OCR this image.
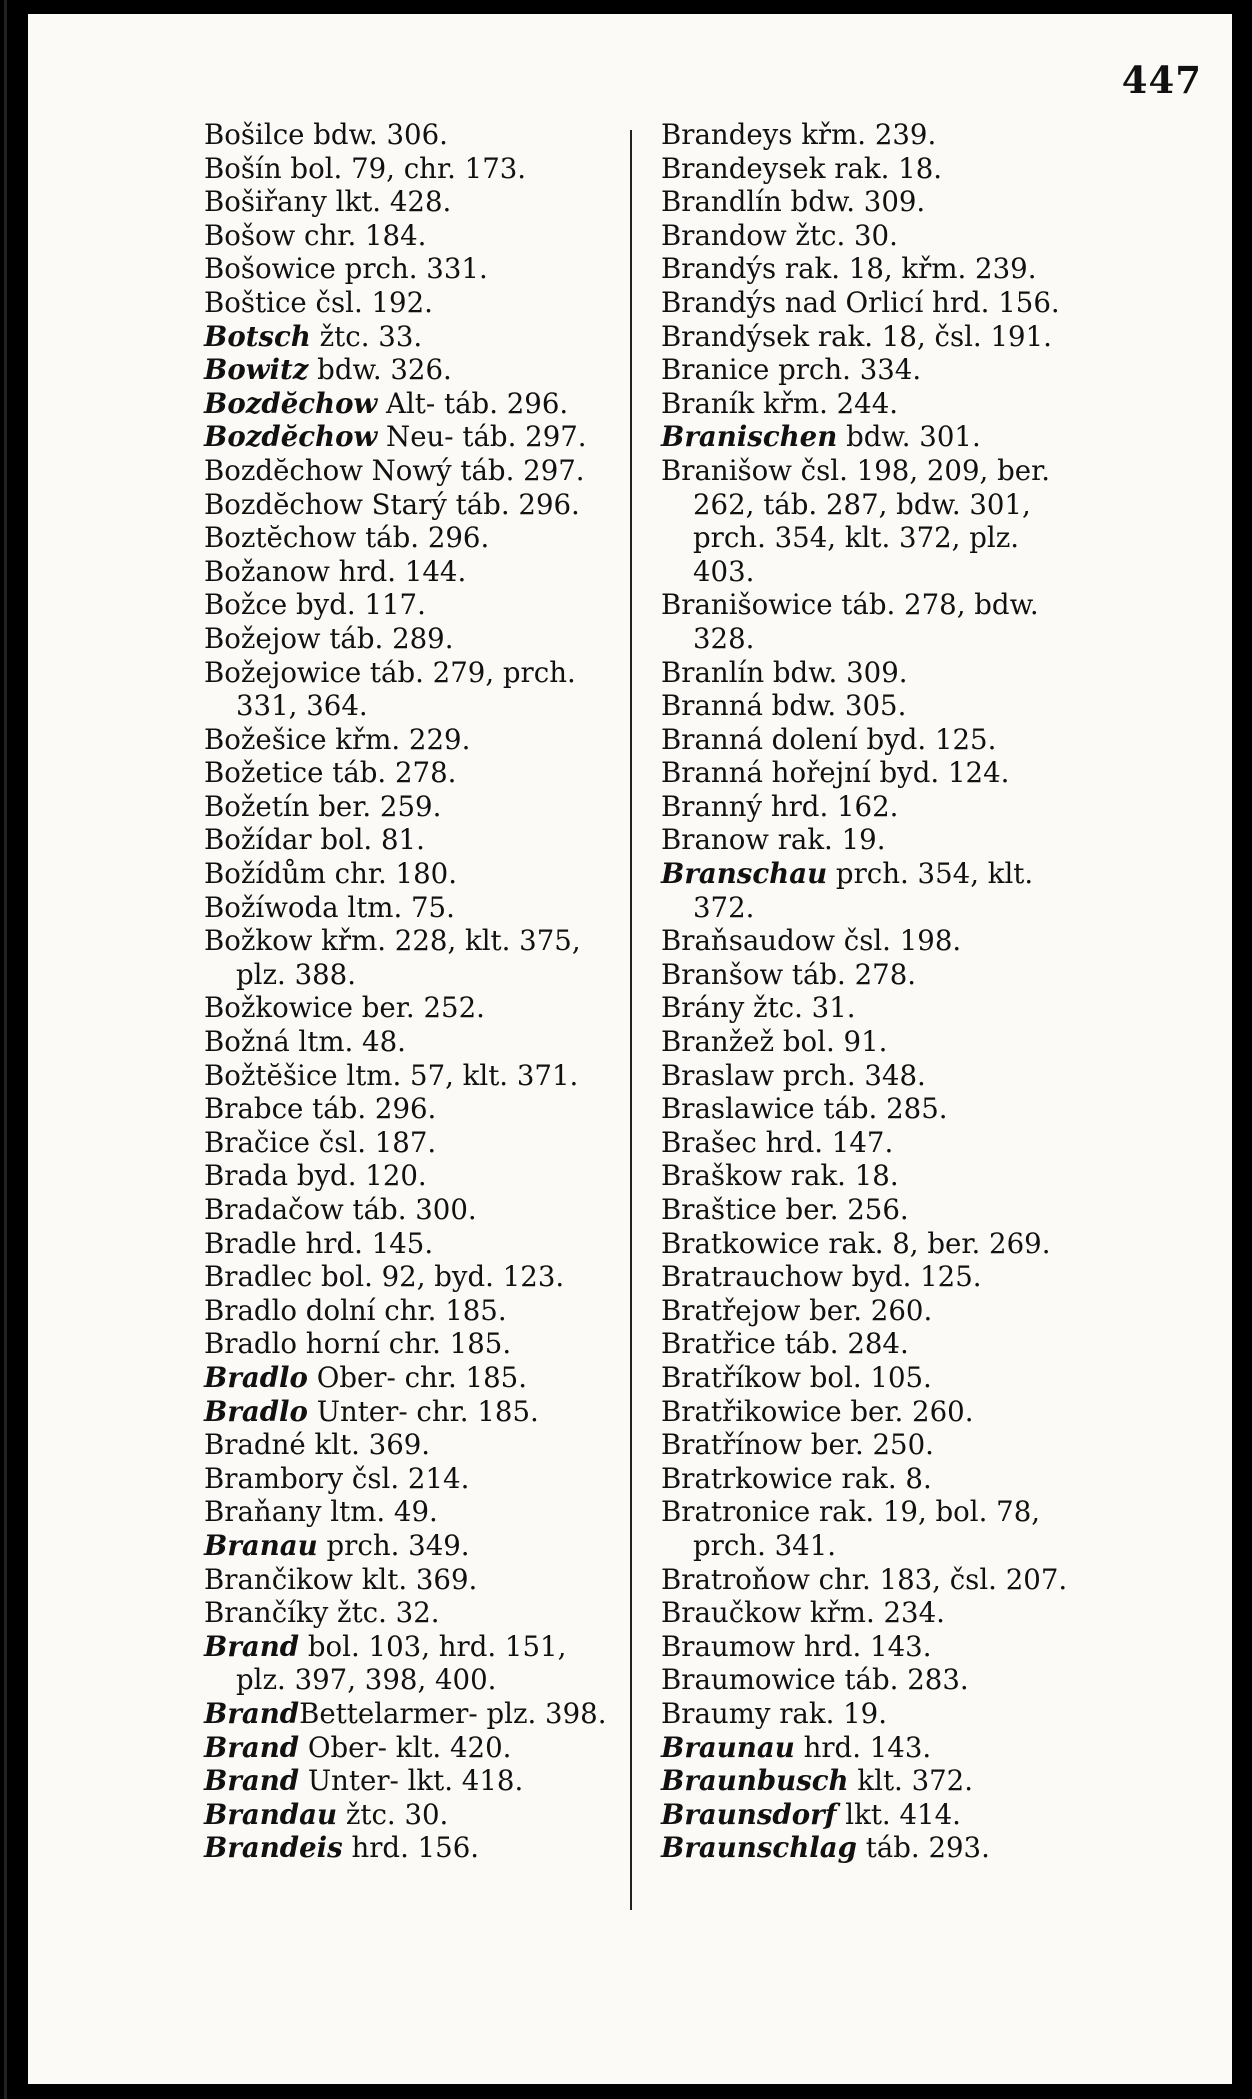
447
Bošilce bdw. 306.
Bošín bol. 79, chr. 173.
Bošiřany lkt. 428.
Bošow chr. 184.
Bošowice prch. 331.
Boštice čsl. 192.
Botsch žtc. 33.
Bowitz bdw. 326.
Bozdĕchow Alt- táb. 296.
Bozdĕchow Neu- táb. 297.
Bozdĕchow Nowý táb. 297.
Bozdĕchow Starý táb. 296.
Boztĕchow táb. 296.
Božanow hrd. 144.
Božce byd. 117.
Božejow táb. 289.
Božejowice táb. 279, prch.
331, 364.
Božešice křm. 229.
Božetice táb. 278.
Božetín ber. 259.
Božídar bol. 81.
Božídům chr. 180.
Božíwoda ltm. 75.
Božkow křm. 228, klt. 375,
plz. 388.
Božkowice ber. 252.
Božná ltm. 48.
Božtĕšice ltm. 57, klt. 371.
Brabce táb. 296.
Bračice čsl. 187.
Brada byd. 120.
Bradačow táb. 300.
Bradle hrd. 145.
Bradlec bol. 92, byd. 123.
Bradlo dolní chr. 185.
Bradlo horní chr. 185.
Bradlo Ober- chr. 185.
Bradlo Unter- chr. 185.
Bradné klt. 369.
Brambory čsl. 214.
Braňany ltm. 49.
Branau prch. 349.
Brančikow klt. 369.
Brančíky žtc. 32.
Brand bol. 103, hrd. 151,
plz. 397, 398, 400.
BrandBettelarmer- plz. 398.
Brand Ober- klt. 420.
Brand Unter- lkt. 418.
Brandau žtc. 30.
Brandeis hrd. 156.
Brandeys křm. 239.
Brandeysek rak. 18.
Brandlín bdw. 309.
Brandow žtc. 30.
Brandýs rak. 18, křm. 239.
Brandýs nad Orlicí hrd. 156.
Brandýsek rak. 18, čsl. 191.
Branice prch. 334.
Braník křm. 244.
Branischen bdw. 301.
Branišow čsl. 198, 209, ber.
262, táb. 287, bdw. 301,
prch. 354, klt. 372, plz.
403.
Branišowice táb. 278, bdw.
328.
Branlín bdw. 309.
Branná bdw. 305.
Branná dolení byd. 125.
Branná hořejní byd. 124.
Branný hrd. 162.
Branow rak. 19.
Branschau prch. 354, klt.
372.
Braňsaudow čsl. 198.
Branšow táb. 278.
Brány žtc. 31.
Branžež bol. 91.
Braslaw prch. 348.
Braslawice táb. 285.
Brašec hrd. 147.
Braškow rak. 18.
Braštice ber. 256.
Bratkowice rak. 8, ber. 269.
Bratrauchow byd. 125.
Bratřejow ber. 260.
Bratřice táb. 284.
Bratříkow bol. 105.
Bratřikowice ber. 260.
Bratřínow ber. 250.
Bratrkowice rak. 8.
Bratronice rak. 19, bol. 78,
prch. 341.
Bratroňow chr. 183, čsl. 207.
Braučkow křm. 234.
Braumow hrd. 143.
Braumowice táb. 283.
Braumy rak. 19.
Braunau hrd. 143.
Braunbusch klt. 372.
Braunsdorf lkt. 414.
Braunschlag táb. 293.
